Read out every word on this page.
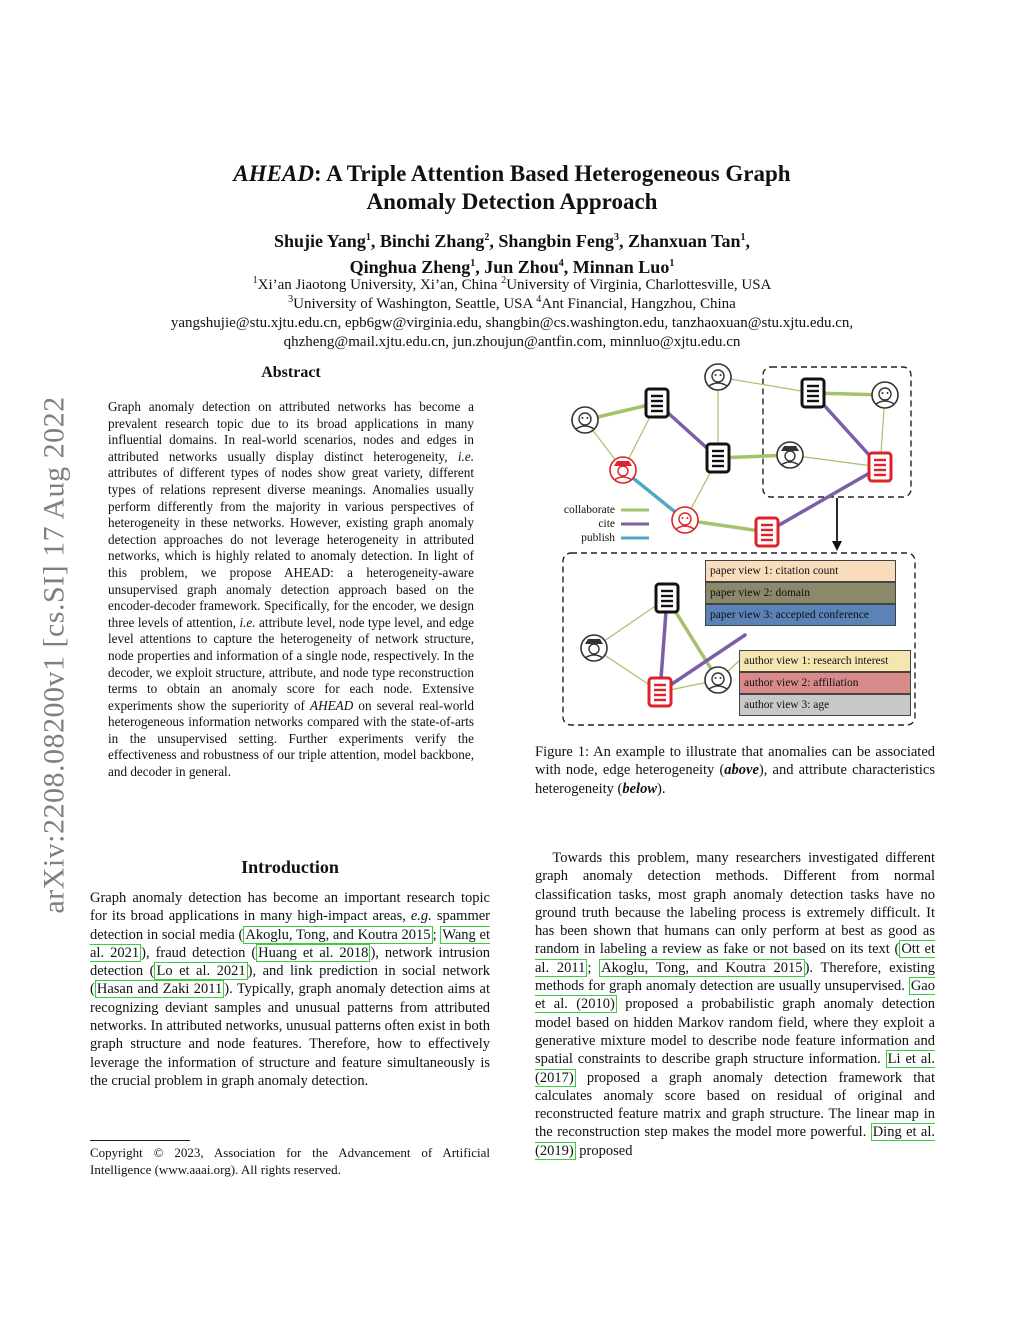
arXiv:2208.08200v1 [cs.SI] 17 Aug 2022
AHEAD: A Triple Attention Based Heterogeneous Graph
Anomaly Detection Approach
Shujie Yang$^1$, Binchi Zhang$^2$, Shangbin Feng$^3$, Zhanxuan Tan$^1$,
Qinghua Zheng$^1$, Jun Zhou$^4$, Minnan Luo$^1$
$^1$Xi’an Jiaotong University, Xi’an, China $^2$University of Virginia, Charlottesville, USA
$^3$University of Washington, Seattle, USA $^4$Ant Financial, Hangzhou, China
yangshujie@stu.xjtu.edu.cn, epb6gw@virginia.edu, shangbin@cs.washington.edu, tanzhaoxuan@stu.xjtu.edu.cn,
qhzheng@mail.xjtu.edu.cn, jun.zhoujun@antfin.com, minnluo@xjtu.edu.cn
Abstract
Graph anomaly detection on attributed networks has become a prevalent research topic due to its broad applications in many influential domains. In real-world scenarios, nodes and edges in attributed networks usually display distinct heterogeneity, i.e. attributes of different types of nodes show great variety, different types of relations represent diverse meanings. Anomalies usually perform differently from the majority in various perspectives of heterogeneity in these networks. However, existing graph anomaly detection approaches do not leverage heterogeneity in attributed networks, which is highly related to anomaly detection. In light of this problem, we propose AHEAD: a heterogeneity-aware unsupervised graph anomaly detection approach based on the encoder-decoder framework. Specifically, for the encoder, we design three levels of attention, i.e. attribute level, node type level, and edge level attentions to capture the heterogeneity of network structure, node properties and information of a single node, respectively. In the decoder, we exploit structure, attribute, and node type reconstruction terms to obtain an anomaly score for each node. Extensive experiments show the superiority of AHEAD on several real-world heterogeneous information networks compared with the state-of-arts in the unsupervised setting. Further experiments verify the effectiveness and robustness of our triple attention, model backbone, and decoder in general.
Introduction
Graph anomaly detection has become an important research topic for its broad applications in many high-impact areas, e.g. spammer detection in social media ( Akoglu, Tong, and Koutra 2015 ; Wang et al. 2021 ), fraud detection ( Huang et al. 2018 ), network intrusion detection ( Lo et al. 2021 ), and link prediction in social network ( Hasan and Zaki 2011 ). Typically, graph anomaly detection aims at recognizing deviant samples and unusual patterns from attributed networks. In attributed networks, unusual patterns often exist in both graph structure and node features. Therefore, how to effectively leverage the information of structure and feature simultaneously is the crucial problem in graph anomaly detection.
Copyright © 2023, Association for the Advancement of Artificial Intelligence (www.aaai.org). All rights reserved.
collaborate
cite
publish
paper view 1: citation count
paper view 2: domain
paper view 3: accepted conference
author view 1: research interest
author view 2: affiliation
author view 3: age
Figure 1: An example to illustrate that anomalies can be associated with node, edge heterogeneity (above), and attribute characteristics heterogeneity (below).

Towards this problem, many researchers investigated different graph anomaly detection methods. Different from normal classification tasks, most graph anomaly detection tasks have no ground truth because the labeling process is extremely difficult. It has been shown that humans can only perform at best as good as random in labeling a review as fake or not based on its text ( Ott et al. 2011 ; Akoglu, Tong, and Koutra 2015 ). Therefore, existing methods for graph anomaly detection are usually unsupervised. Gao et al. (2010) proposed a probabilistic graph anomaly detection model based on hidden Markov random field, where they exploit a generative mixture model to describe node feature information and spatial constraints to describe graph structure information. Li et al. (2017) proposed a graph anomaly detection framework that calculates anomaly score based on residual of original and reconstructed feature matrix and graph structure. The linear map in the reconstruction step makes the model more powerful. Ding et al. (2019) proposed
